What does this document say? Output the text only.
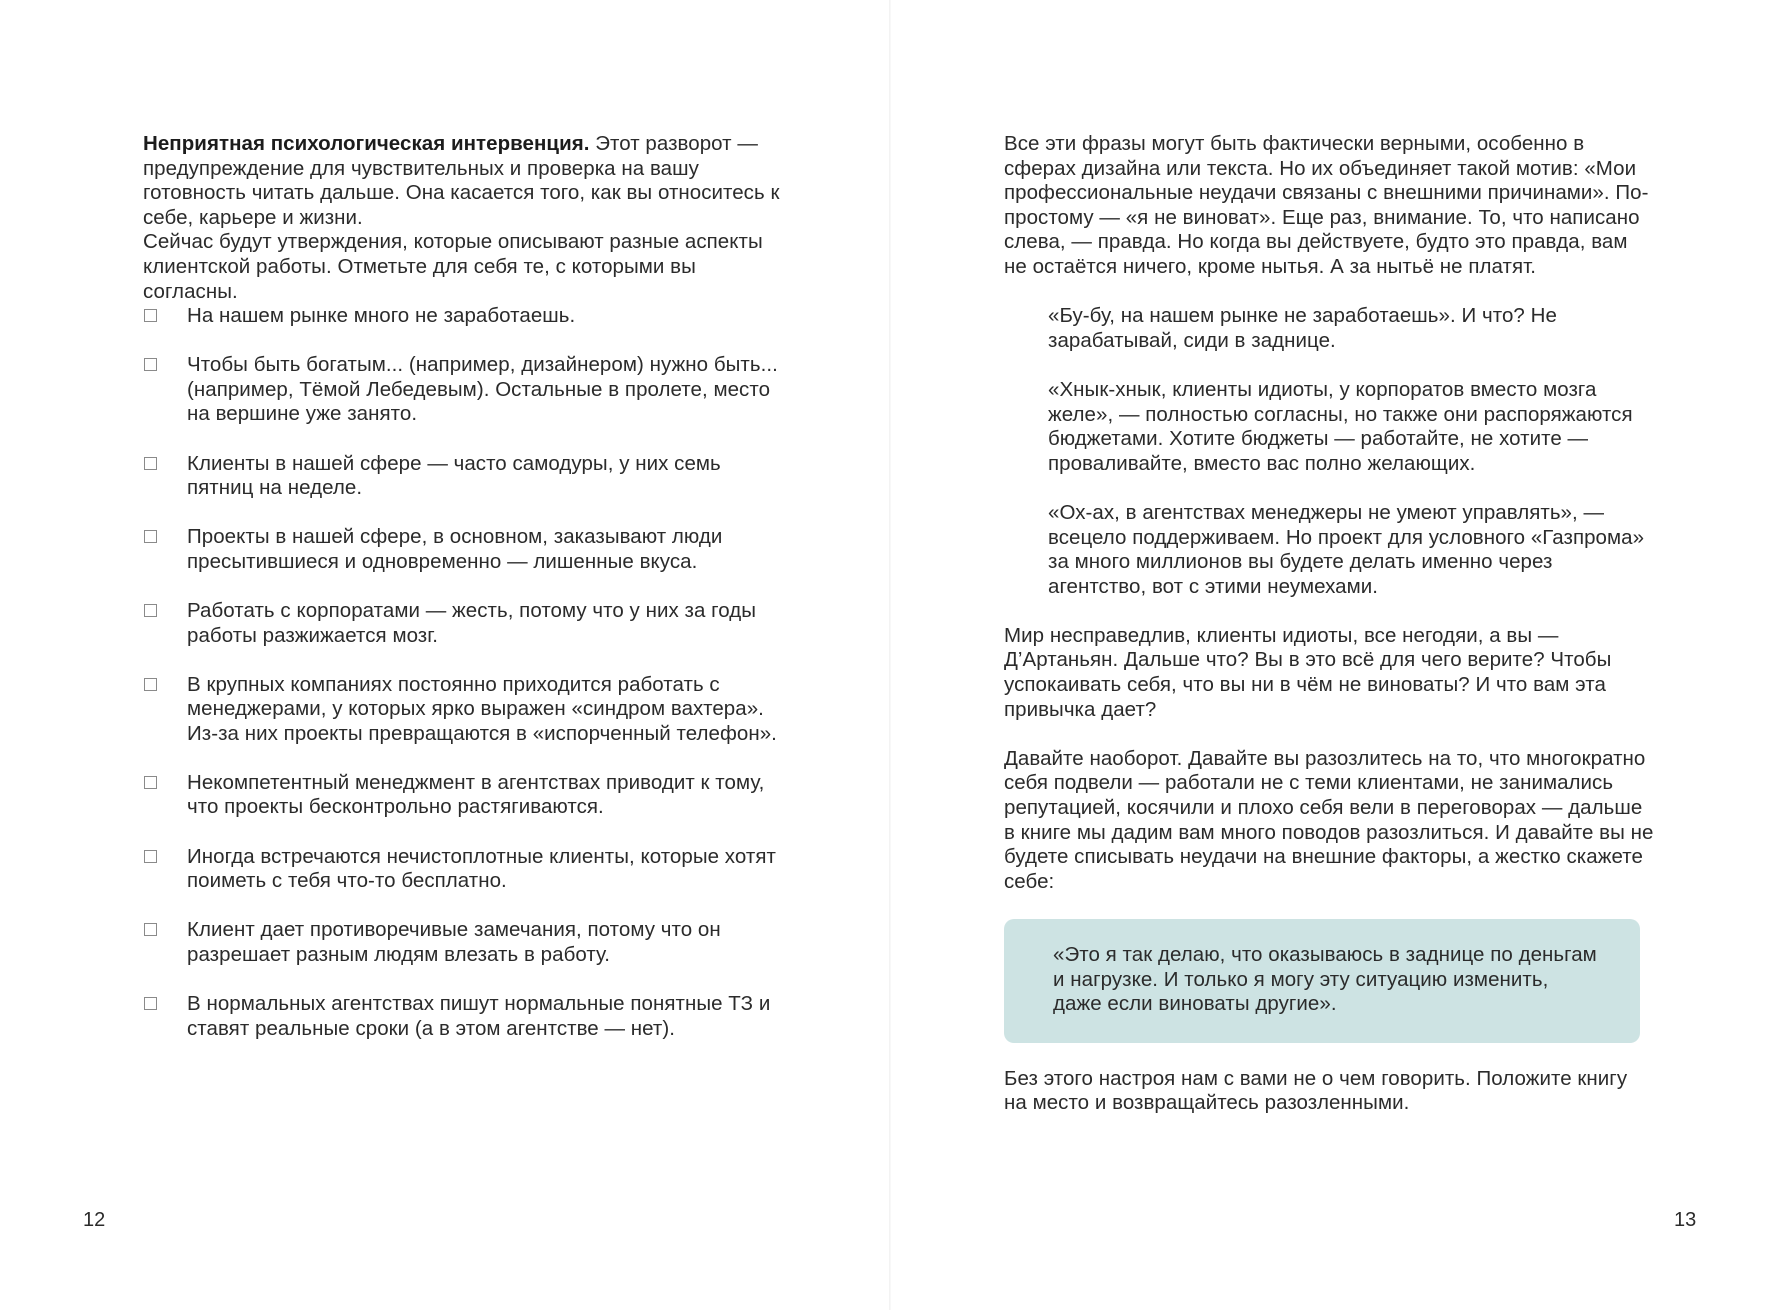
Неприятная психологическая интервенция. Этот разворот — предупреждение для чувствительных и проверка на вашу готовность читать дальше. Она касается того, как вы относитесь к себе, карьере и жизни.

Сейчас будут утверждения, которые описывают разные аспекты клиентской работы. Отметьте для себя те, с которыми вы согласны.

На нашем рынке много не заработаешь.
Чтобы быть богатым... (например, дизайнером) нужно быть... (например, Тёмой Лебедевым). Остальные в пролете, место на вершине уже занято.
Клиенты в нашей сфере — часто самодуры, у них семь пятниц на неделе.
Проекты в нашей сфере, в основном, заказывают люди пресытившиеся и одновременно — лишенные вкуса.
Работать с корпоратами — жесть, потому что у них за годы работы разжижается мозг.
В крупных компаниях постоянно приходится работать с менеджерами, у которых ярко выражен «синдром вахтера». Из-за них проекты превращаются в «испорченный телефон».
Некомпетентный менеджмент в агентствах приводит к тому, что проекты бесконтрольно растягиваются.
Иногда встречаются нечистоплотные клиенты, которые хотят поиметь с тебя что-то бесплатно.
Клиент дает противоречивые замечания, потому что он разрешает разным людям влезать в работу.
В нормальных агентствах пишут нормальные понятные ТЗ и ставят реальные сроки (а в этом агентстве — нет).
12

Все эти фразы могут быть фактически верными, особенно в сферах дизайна или текста. Но их объединяет такой мотив: «Мои профессиональные неудачи связаны с внешними причинами». По-простому — «я не виноват». Еще раз, внимание. То, что написано слева, — правда. Но когда вы действуете, будто это правда, вам не остаётся ничего, кроме нытья. А за нытьё не платят.

«Бу-бу, на нашем рынке не заработаешь». И что? Не зарабатывай, сиди в заднице.

«Хнык-хнык, клиенты идиоты, у корпоратов вместо мозга желе», — полностью согласны, но также они распоряжаются бюджетами. Хотите бюджеты — работайте, не хотите — проваливайте, вместо вас полно желающих.

«Ох-ах, в агентствах менеджеры не умеют управлять», — всецело поддерживаем. Но проект для условного «Газпрома» за много миллионов вы будете делать именно через агентство, вот с этими неумехами.

Мир несправедлив, клиенты идиоты, все негодяи, а вы — Д’Артаньян. Дальше что? Вы в это всё для чего верите? Чтобы успокаивать себя, что вы ни в чём не виноваты? И что вам эта привычка дает?

Давайте наоборот. Давайте вы разозлитесь на то, что многократно себя подвели — работали не с теми клиентами, не занимались репутацией, косячили и плохо себя вели в переговорах — дальше в книге мы дадим вам много поводов разозлиться. И давайте вы не будете списывать неудачи на внешние факторы, а жестко скажете себе:

«Это я так делаю, что оказываюсь в заднице по деньгам и нагрузке. И только я могу эту ситуацию изменить, даже если виноваты другие».

Без этого настроя нам с вами не о чем говорить. Положите книгу на место и возвращайтесь разозленными.

13
